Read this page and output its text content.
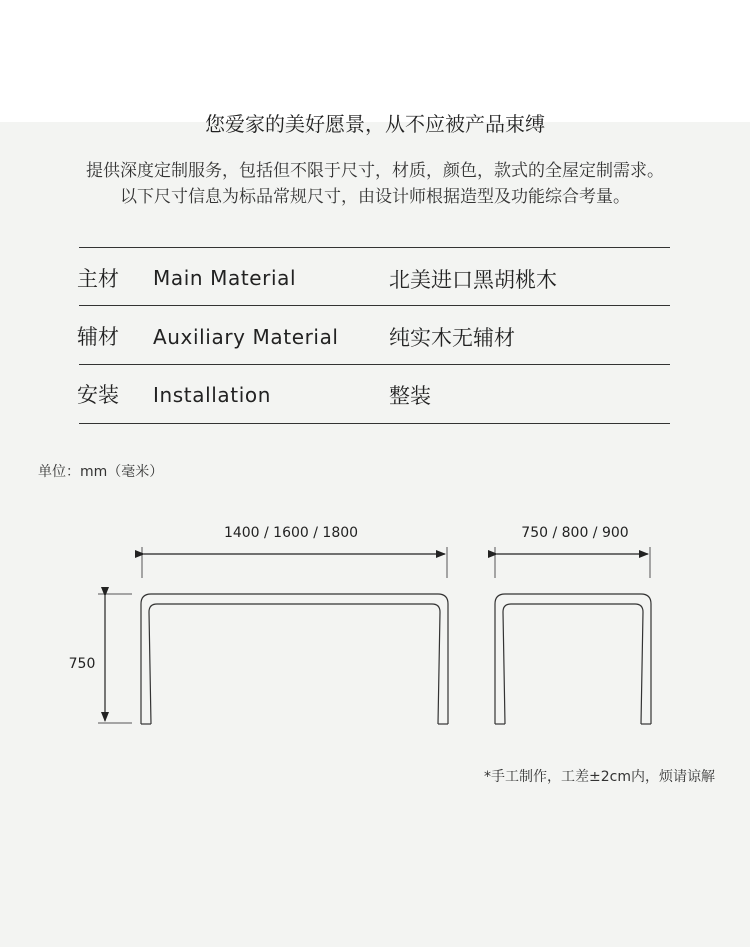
您爱家的美好愿景，从不应被产品束缚
提供深度定制服务，包括但不限于尺寸，材质，颜色，款式的全屋定制需求。
以下尺寸信息为标品常规尺寸，由设计师根据造型及功能综合考量。
主材 Main Material	北美进口黑胡桃木
辅材 Auxiliary Material 纯实木无辅材
安装 Installation	整装
单位：mm（毫米）
1400 / 1600 / 1800	750 / 800 / 900
750
*手工制作，工差±2cm内，烦请谅解
